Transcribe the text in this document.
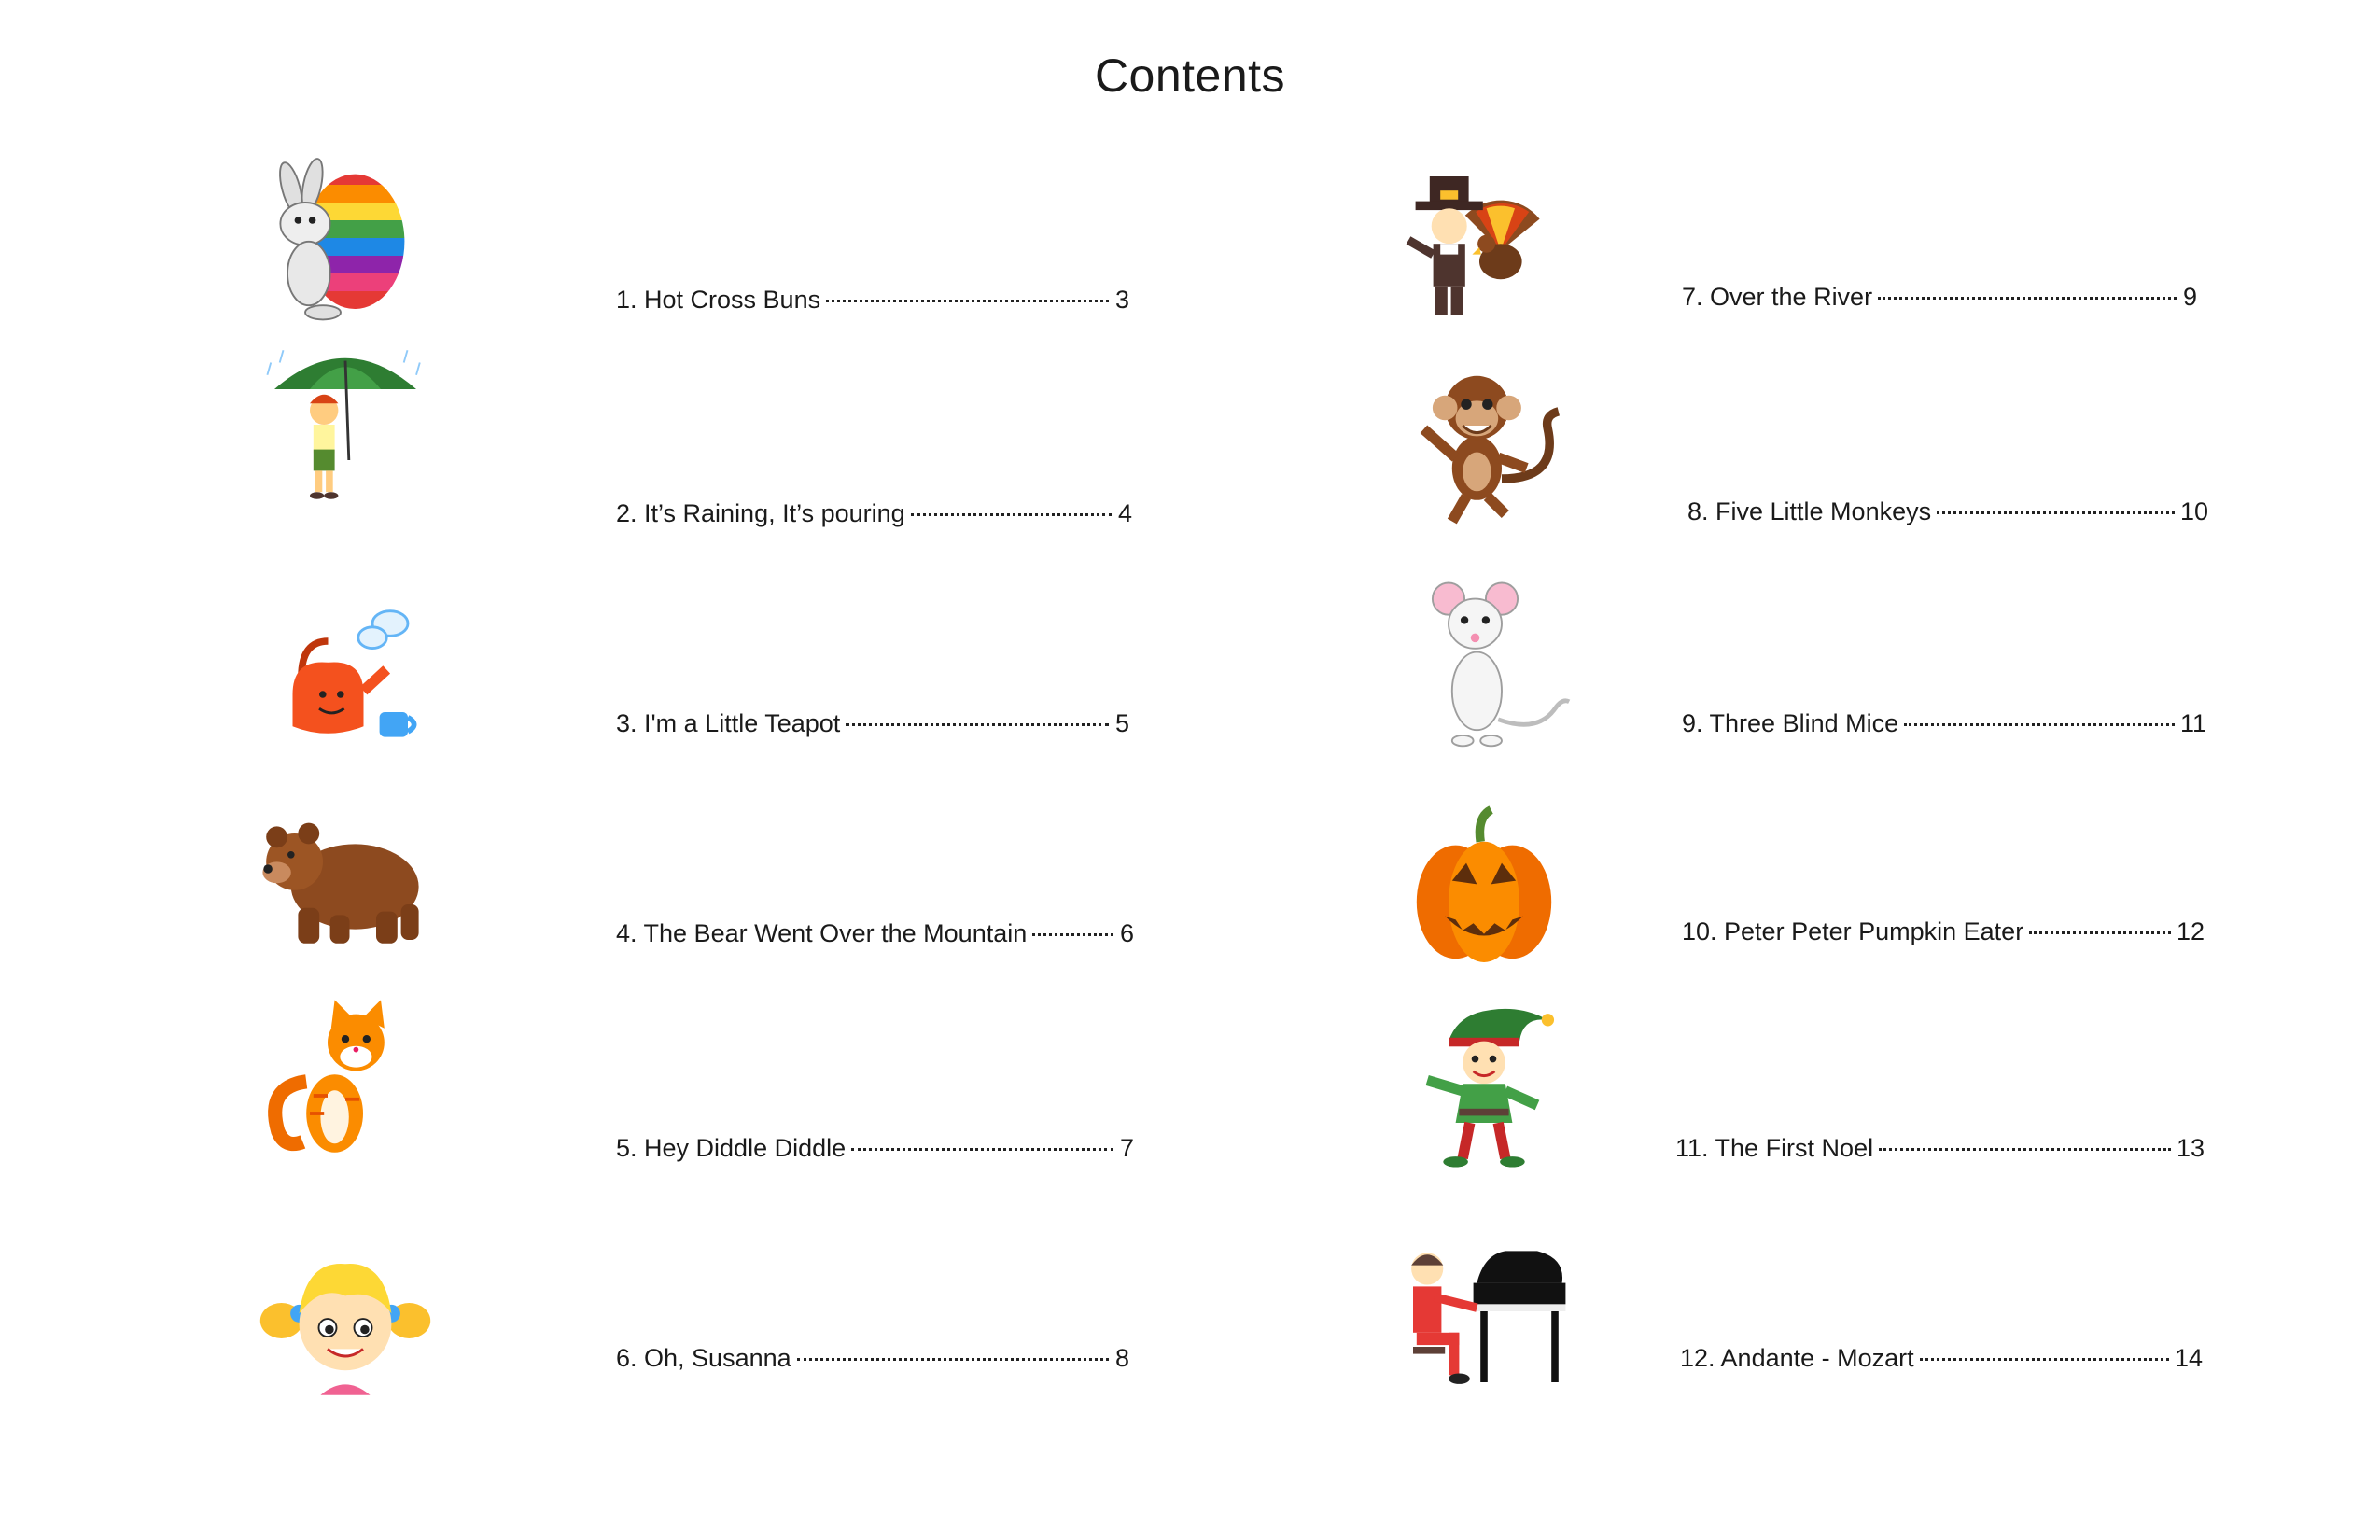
Contents
1. Hot Cross Buns	3
2. It’s Raining, It’s pouring	4
3. I'm a Little Teapot	5
4. The Bear Went Over the Mountain	6
5. Hey Diddle Diddle	7
6. Oh, Susanna	8
7. Over the River	9
8. Five Little Monkeys	10
9. Three Blind Mice	11
10. Peter Peter Pumpkin Eater	12
11. The First Noel	13
12. Andante - Mozart	14
